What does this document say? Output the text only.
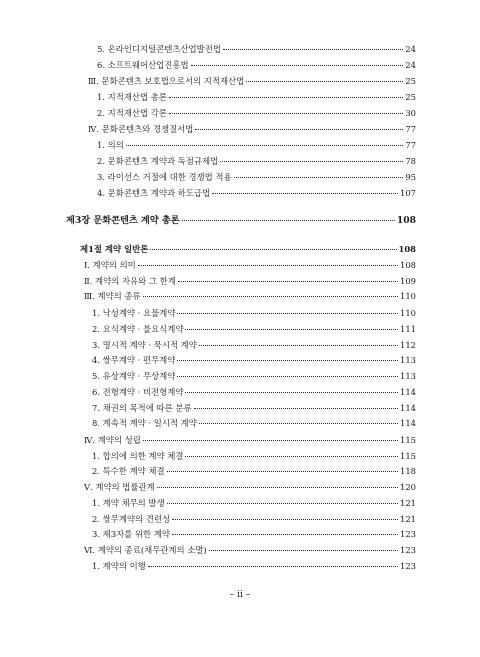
5. 온라인디지털콘텐츠산업발전법	24
6. 소프트웨어산업진흥법	24
Ⅲ. 문화콘텐츠 보호법으로서의 지적재산법	25
1. 지적재산법 총론	25
2. 지적재산법 각론	30
Ⅳ. 문화콘텐츠와 경쟁질서법	77
1. 의의	77
2. 문화콘텐츠 계약과 독점규제법	78
3. 라이선스 거절에 대한 경쟁법 적용	95
4. 문화콘텐츠 계약과 하도급법	107
제3장 문화콘텐츠 계약 총론	108
제1절 계약 일반론	108
Ⅰ. 계약의 의미	108
Ⅱ. 계약의 자유와 그 한계	109
Ⅲ. 계약의 종류	110
1. 낙성계약 · 요물계약	110
2. 요식계약 · 불요식계약	111
3. 명시적 계약 · 묵시적 계약	112
4. 쌍무계약 · 편무계약	113
5. 유상계약 · 무상계약	113
6. 전형계약 · 비전형계약	114
7. 채권의 목적에 따른 분류	114
8. 계속적 계약 · 일시적 계약	114
Ⅳ. 계약의 성립	115
1. 합의에 의한 계약 체결	115
2. 특수한 계약 체결	118
Ⅴ. 계약의 법률관계	120
1. 계약 채무의 발생	121
2. 쌍무계약의 견련성	121
3. 제3자를 위한 계약	123
Ⅵ. 계약의 종료(채무관계의 소멸)	123
1. 계약의 이행	123
– ii –
